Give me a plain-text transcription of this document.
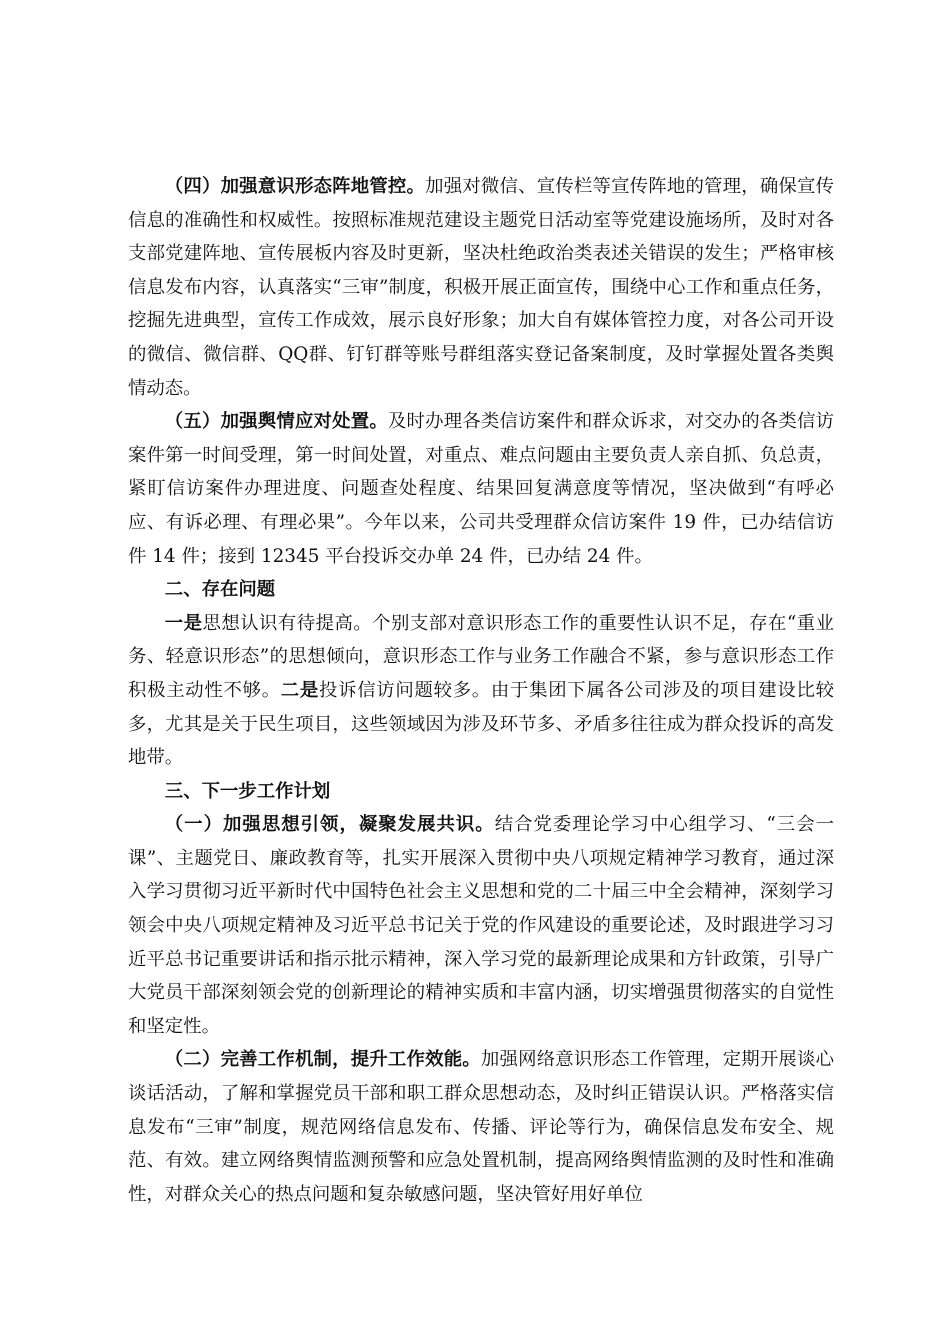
（四）加强意识形态阵地管控。加强对微信、宣传栏等宣传阵地的管理，确保宣传信息的准确性和权威性。按照标准规范建设主题党日活动室等党建设施场所，及时对各支部党建阵地、宣传展板内容及时更新，坚决杜绝政治类表述关错误的发生；严格审核信息发布内容，认真落实“三审”制度，积极开展正面宣传，围绕中心工作和重点任务，挖掘先进典型，宣传工作成效，展示良好形象；加大自有媒体管控力度，对各公司开设的微信、微信群、QQ群、钉钉群等账号群组落实登记备案制度，及时掌握处置各类舆情动态。

（五）加强舆情应对处置。及时办理各类信访案件和群众诉求，对交办的各类信访案件第一时间受理，第一时间处置，对重点、难点问题由主要负责人亲自抓、负总责，紧盯信访案件办理进度、问题查处程度、结果回复满意度等情况，坚决做到“有呼必应、有诉必理、有理必果”。今年以来，公司共受理群众信访案件 19 件，已办结信访件 14 件；接到 12345 平台投诉交办单 24 件，已办结 24 件。

二、存在问题

一是思想认识有待提高。个别支部对意识形态工作的重要性认识不足，存在“重业务、轻意识形态”的思想倾向，意识形态工作与业务工作融合不紧，参与意识形态工作积极主动性不够。二是投诉信访问题较多。由于集团下属各公司涉及的项目建设比较多，尤其是关于民生项目，这些领域因为涉及环节多、矛盾多往往成为群众投诉的高发地带。

三、下一步工作计划

（一）加强思想引领，凝聚发展共识。结合党委理论学习中心组学习、“三会一课”、主题党日、廉政教育等，扎实开展深入贯彻中央八项规定精神学习教育，通过深入学习贯彻习近平新时代中国特色社会主义思想和党的二十届三中全会精神，深刻学习领会中央八项规定精神及习近平总书记关于党的作风建设的重要论述，及时跟进学习习近平总书记重要讲话和指示批示精神，深入学习党的最新理论成果和方针政策，引导广大党员干部深刻领会党的创新理论的精神实质和丰富内涵，切实增强贯彻落实的自觉性和坚定性。

（二）完善工作机制，提升工作效能。加强网络意识形态工作管理，定期开展谈心谈话活动，了解和掌握党员干部和职工群众思想动态，及时纠正错误认识。严格落实信息发布“三审”制度，规范网络信息发布、传播、评论等行为，确保信息发布安全、规范、有效。建立网络舆情监测预警和应急处置机制，提高网络舆情监测的及时性和准确性，对群众关心的热点问题和复杂敏感问题，坚决管好用好单位
